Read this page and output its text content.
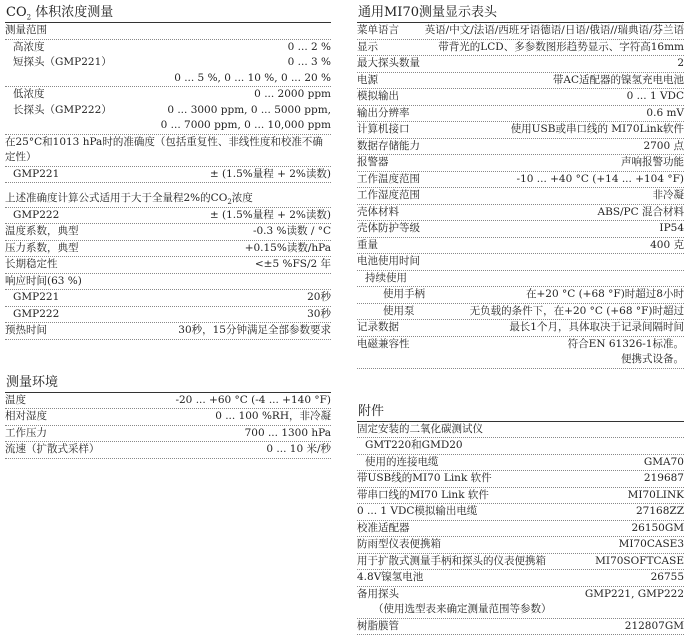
$CO_2$ 体积浓度测量
测量范围
高浓度	0 ... 2 %
短探头（GMP221）	0 ... 3 %
0 ... 5 %, 0 ... 10 %, 0 ... 20 %
低浓度	0 ... 2000 ppm
长探头（GMP222）	0 ... 3000 ppm, 0 ... 5000 ppm,
0 ... 7000 ppm, 0 ... 10,000 ppm
在25°C和1013 hPa时的准确度（包括重复性、非线性度和校准不确定性）
GMP221	± (1.5%量程 + 2%读数)
上述准确度计算公式适用于大于全量程2%的$CO_2$浓度
GMP222	± (1.5%量程 + 2%读数)
温度系数，典型	-0.3 %读数 / °C
压力系数，典型	+0.15%读数/hPa
长期稳定性	<±5 %FS/2 年
响应时间(63 %)
GMP221	20秒
GMP222	30秒
预热时间	30秒，15分钟满足全部参数要求
测量环境
温度	-20 ... +60 °C (-4 ... +140 °F)
相对湿度	0 ... 100 %RH，非冷凝
工作压力	700 ... 1300 hPa
流速（扩散式采样）	0 ... 10 米/秒
通用MI70测量显示表头
菜单语言	英语/中文/法语/西班牙语德语/日语/俄语//瑞典语/芬兰语
显示	带背光的LCD、多参数图形趋势显示、字符高16mm
最大探头数量	2
电源	带AC适配器的镍氢充电电池
模拟输出	0 ... 1 VDC
输出分辨率	0.6 mV
计算机接口	使用USB或串口线的 MI70Link软件
数据存储能力	2700 点
报警器	声响报警功能
工作温度范围	-10 ... +40 °C (+14 ... +104 °F)
工作湿度范围	非冷凝
壳体材料	ABS/PC 混合材料
壳体防护等级	IP54
重量	400 克
电池使用时间
持续使用
使用手柄	在+20 °C (+68 °F)时超过8小时
使用泵	无负载的条件下，在+20 °C (+68 °F)时超过
记录数据	最长1个月，具体取决于记录间隔时间
电磁兼容性	符合EN 61326-1标准。
便携式设备。
附件
固定安装的二氧化碳测试仪
GMT220和GMD20
使用的连接电缆	GMA70
带USB线的MI70 Link 软件	219687
带串口线的MI70 Link 软件	MI70LINK
0 ... 1 VDC模拟输出电缆	27168ZZ
校准适配器	26150GM
防雨型仪表便携箱	MI70CASE3
用于扩散式测量手柄和探头的仪表便携箱	MI70SOFTCASE
4.8V镍氢电池	26755
备用探头	GMP221, GMP222
（使用选型表来确定测量范围等参数）
树脂膜管	212807GM
